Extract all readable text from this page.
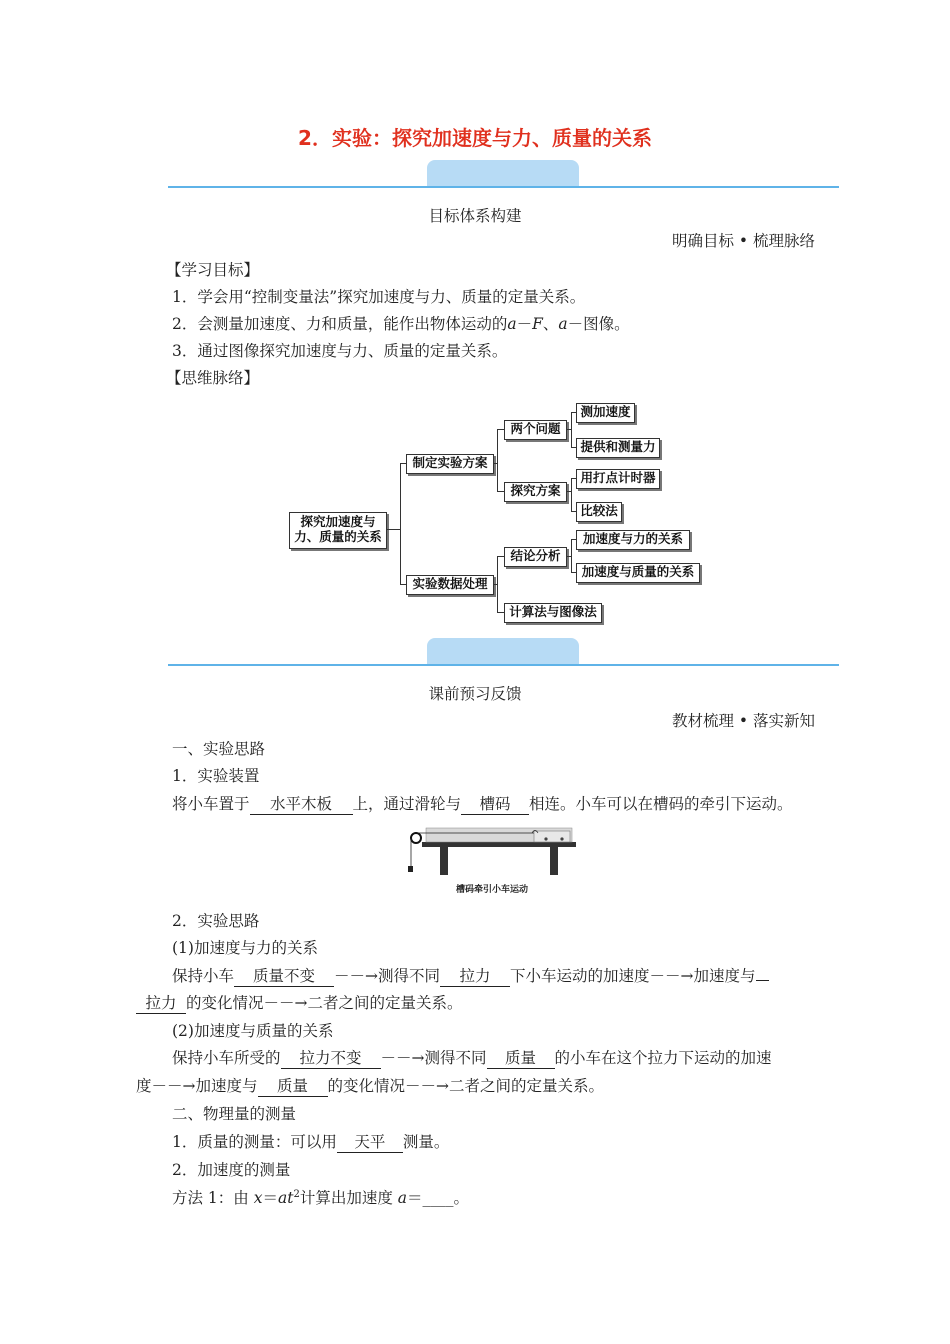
2．实验：探究加速度与力、质量的关系
目标体系构建
明确目标 • 梳理脉络
【学习目标】
1．学会用“控制变量法”探究加速度与力、质量的定量关系。
2．会测量加速度、力和质量，能作出物体运动的a－F、a－图像。
3．通过图像探究加速度与力、质量的定量关系。
【思维脉络】
探究加速度与
力、质量的关系
制定实验方案
两个问题
测加速度
提供和测量力
探究方案
用打点计时器
比较法
实验数据处理
结论分析
加速度与力的关系
加速度与质量的关系
计算法与图像法
课前预习反馈
教材梳理 • 落实新知
一、实验思路
1．实验装置
将小车置于 水平木板 上，通过滑轮与 槽码 相连。小车可以在槽码的牵引下运动。
槽码牵引小车运动
2．实验思路
(1)加速度与力的关系
保持小车 质量不变 －－→测得不同 拉力 下小车运动的加速度－－→加速度与
拉力 的变化情况－－→二者之间的定量关系。
(2)加速度与质量的关系
保持小车所受的 拉力不变 －－→测得不同 质量 的小车在这个拉力下运动的加速
度－－→加速度与 质量 的变化情况－－→二者之间的定量关系。
二、物理量的测量
1．质量的测量：可以用 天平 测量。
2．加速度的测量
方法 1：由 $x=at^2$计算出加速度 a＝____。
